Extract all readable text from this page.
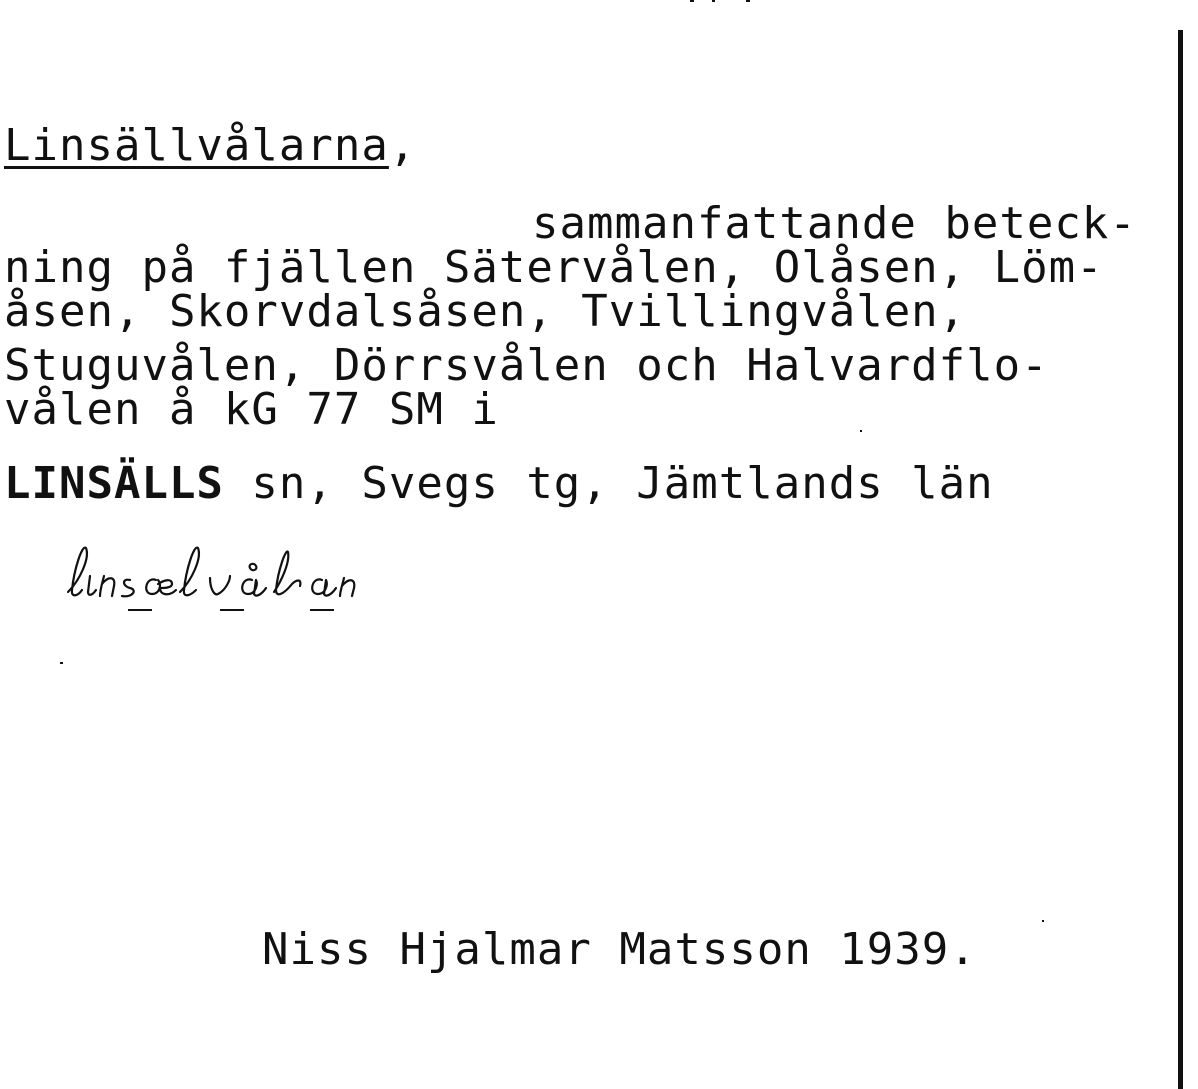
Linsällvålarna,
sammanfattande beteck-
ning på fjällen Sätervålen, Olåsen, Löm-
åsen, Skorvdalsåsen, Tvillingvålen,
Stuguvålen, Dörrsvålen och Halvardflo-
vålen å kG 77 SM i
LINSÄLLS sn, Svegs tg, Jämtlands län
Niss Hjalmar Matsson 1939.
